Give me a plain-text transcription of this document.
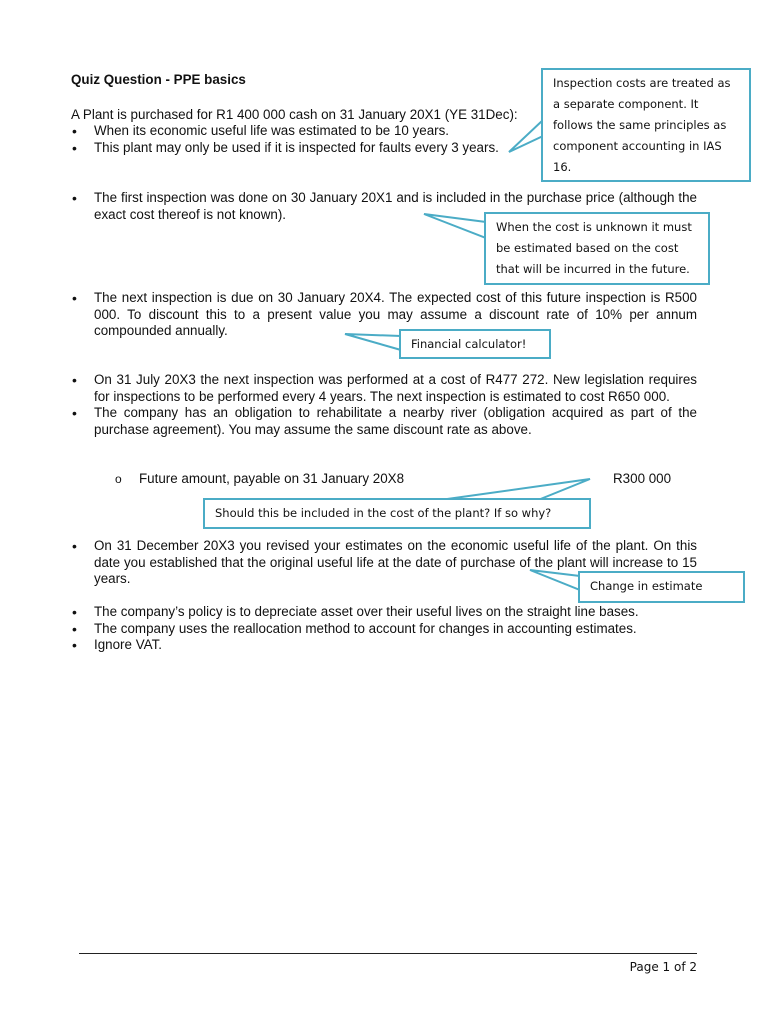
Quiz Question - PPE basics
A Plant is purchased for R1 400 000 cash on 31 January 20X1 (YE 31Dec):
• When its economic useful life was estimated to be 10 years.
• This plant may only be used if it is inspected for faults every 3 years.
• The first inspection was done on 30 January 20X1 and is included in the purchase price (although the exact cost thereof is not known).
• The next inspection is due on 30 January 20X4. The expected cost of this future inspection is R500 000. To discount this to a present value you may assume a discount rate of 10% per annum compounded annually.
• On 31 July 20X3 the next inspection was performed at a cost of R477 272. New legislation requires for inspections to be performed every 4 years. The next inspection is estimated to cost R650 000.
• The company has an obligation to rehabilitate a nearby river (obligation acquired as part of the purchase agreement). You may assume the same discount rate as above.
o Future amount, payable on 31 January 20X8	R300 000
• On 31 December 20X3 you revised your estimates on the economic useful life of the plant. On this date you established that the original useful life at the date of purchase of the plant will increase to 15 years.
• The company’s policy is to depreciate asset over their useful lives on the straight line bases.
• The company uses the reallocation method to account for changes in accounting estimates.
• Ignore VAT.
Inspection costs are treated as a separate component. It follows the same principles as component accounting in IAS 16.
When the cost is unknown it must be estimated based on the cost that will be incurred in the future.
Financial calculator!
Should this be included in the cost of the plant? If so why?
Change in estimate
Page 1 of 2
